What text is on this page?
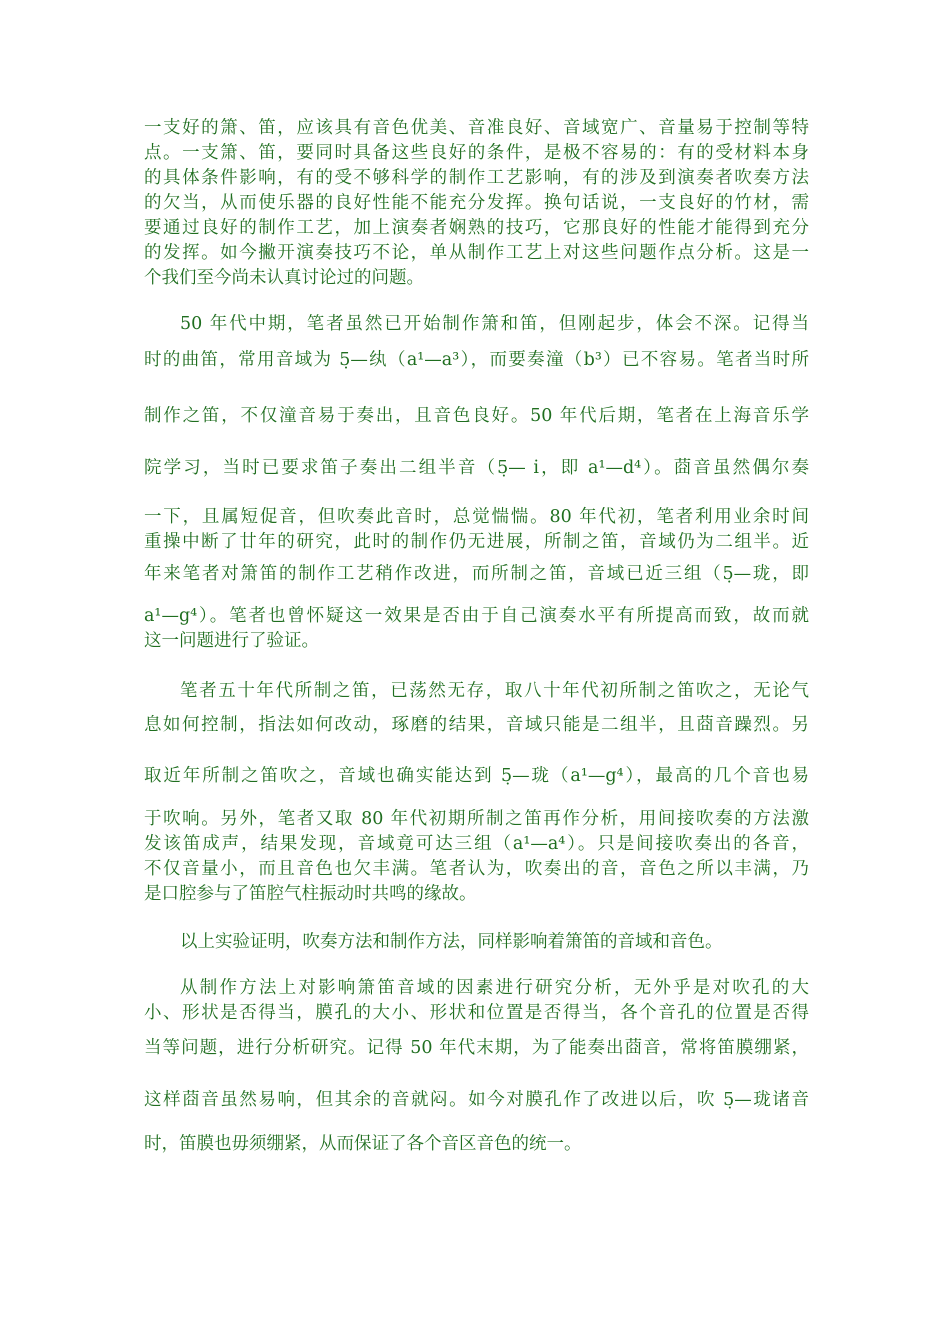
一支好的箫、笛，应该具有音色优美、音准良好、音域宽广、音量易于控制等特
点。一支箫、笛，要同时具备这些良好的条件，是极不容易的：有的受材料本身
的具体条件影响，有的受不够科学的制作工艺影响，有的涉及到演奏者吹奏方法
的欠当，从而使乐器的良好性能不能充分发挥。换句话说，一支良好的竹材，需
要通过良好的制作工艺，加上演奏者娴熟的技巧，它那良好的性能才能得到充分
的发挥。如今撇开演奏技巧不论，单从制作工艺上对这些问题作点分析。这是一
个我们至今尚未认真讨论过的问题。
50 年代中期，笔者虽然已开始制作箫和笛，但刚起步，体会不深。记得当
时的曲笛，常用音域为 5̣—纨（a¹—a³），而要奏潼（b³）已不容易。笔者当时所
制作之笛，不仅潼音易于奏出，且音色良好。50 年代后期，笔者在上海音乐学
院学习，当时已要求笛子奏出二组半音（5̣— i̇，即 a¹—d⁴）。莔音虽然偶尔奏
一下，且属短促音，但吹奏此音时，总觉惴惴。80 年代初，笔者利用业余时间
重操中断了廿年的研究，此时的制作仍无进展，所制之笛，音域仍为二组半。近
年来笔者对箫笛的制作工艺稍作改进，而所制之笛，音域已近三组（5̣—珑，即
a¹—g⁴）。笔者也曾怀疑这一效果是否由于自己演奏水平有所提高而致，故而就
这一问题进行了验证。
笔者五十年代所制之笛，已荡然无存，取八十年代初所制之笛吹之，无论气
息如何控制，指法如何改动，琢磨的结果，音域只能是二组半，且莔音躁烈。另
取近年所制之笛吹之，音域也确实能达到 5̣—珑（a¹—g⁴），最高的几个音也易
于吹响。另外，笔者又取 80 年代初期所制之笛再作分析，用间接吹奏的方法激
发该笛成声，结果发现，音域竟可达三组（a¹—a⁴）。只是间接吹奏出的各音，
不仅音量小，而且音色也欠丰满。笔者认为，吹奏出的音，音色之所以丰满，乃
是口腔参与了笛腔气柱振动时共鸣的缘故。
以上实验证明，吹奏方法和制作方法，同样影响着箫笛的音域和音色。
从制作方法上对影响箫笛音域的因素进行研究分析，无外乎是对吹孔的大
小、形状是否得当，膜孔的大小、形状和位置是否得当，各个音孔的位置是否得
当等问题，进行分析研究。记得 50 年代末期，为了能奏出莔音，常将笛膜绷紧，
这样莔音虽然易响，但其余的音就闷。如今对膜孔作了改进以后，吹 5̣—珑诸音
时，笛膜也毋须绷紧，从而保证了各个音区音色的统一。
